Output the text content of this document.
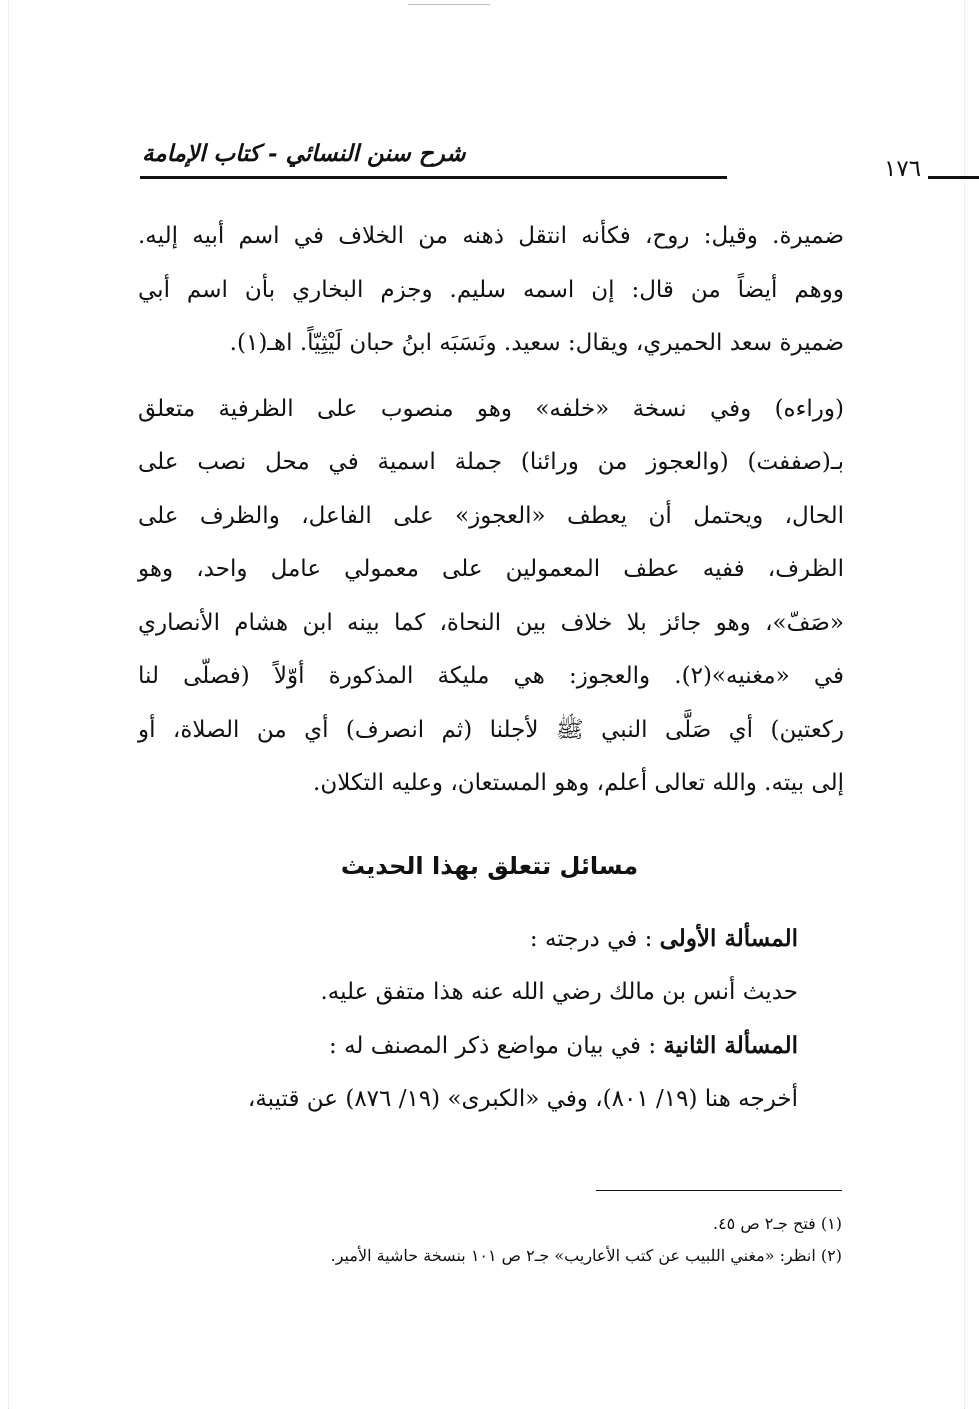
شرح سنن النسائي - كتاب الإمامة
١٧٦
ضميرة. وقيل: روح، فكأنه انتقل ذهنه من الخلاف في اسم أبيه إليه.
ووهم أيضاً من قال: إن اسمه سليم. وجزم البخاري بأن اسم أبي
ضميرة سعد الحميري، ويقال: سعيد. ونَسَبَه ابنُ حبان لَيْثِيّاً. اهـ(١).
(وراءه) وفي نسخة «خلفه» وهو منصوب على الظرفية متعلق
بـ(صففت) (والعجوز من ورائنا) جملة اسمية في محل نصب على
الحال، ويحتمل أن يعطف «العجوز» على الفاعل، والظرف على
الظرف، ففيه عطف المعمولين على معمولي عامل واحد، وهو
«صَفّ»، وهو جائز بلا خلاف بين النحاة، كما بينه ابن هشام الأنصاري
في «مغنيه»(٢). والعجوز: هي مليكة المذكورة أوّلاً (فصلّى لنا
ركعتين) أي صَلَّى النبي ﷺ لأجلنا (ثم انصرف) أي من الصلاة، أو
إلى بيته. والله تعالى أعلم، وهو المستعان، وعليه التكلان.
مسائل تتعلق بهذا الحديث
المسألة الأولى : في درجته :
حديث أنس بن مالك رضي الله عنه هذا متفق عليه.
المسألة الثانية : في بيان مواضع ذكر المصنف له :
أخرجه هنا (١٩/ ٨٠١)، وفي «الكبرى» (١٩/ ٨٧٦) عن قتيبة،
(١) فتح جـ٢ ص ٤٥.
(٢) انظر: «مغني اللبيب عن كتب الأعاريب» جـ٢ ص ١٠١ بنسخة حاشية الأمير.
